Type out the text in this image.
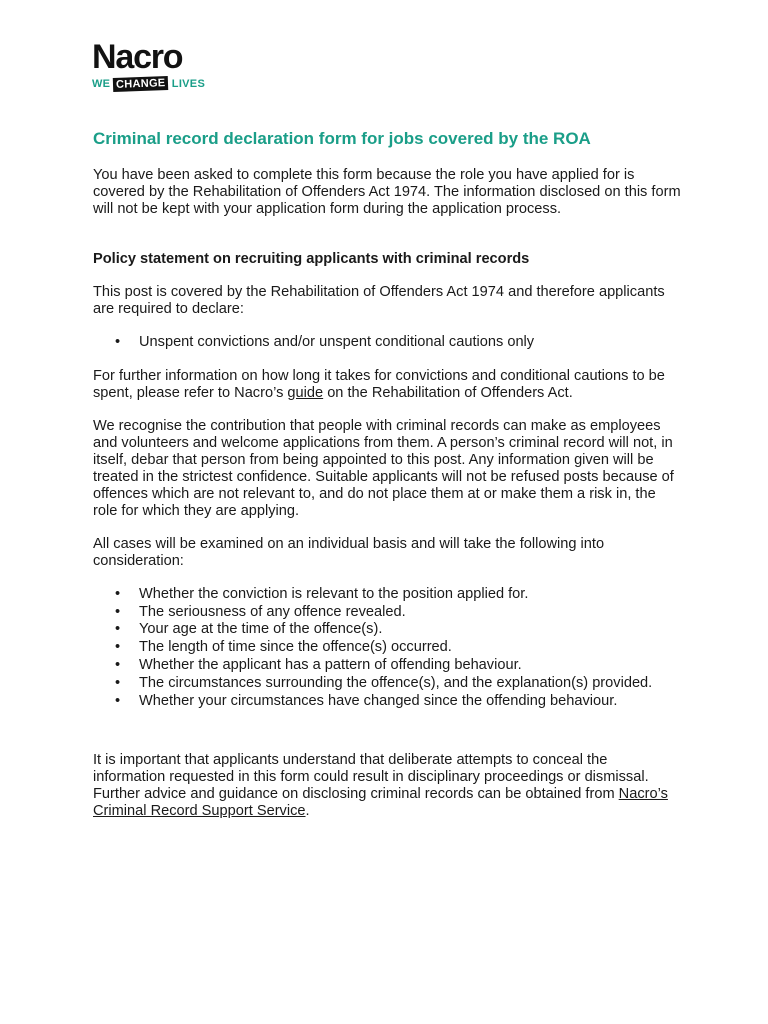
Nacro
WE CHANGE LIVES
Criminal record declaration form for jobs covered by the ROA

You have been asked to complete this form because the role you have applied for is covered by the Rehabilitation of Offenders Act 1974. The information disclosed on this form will not be kept with your application form during the application process.

Policy statement on recruiting applicants with criminal records

This post is covered by the Rehabilitation of Offenders Act 1974 and therefore applicants are required to declare:

• Unspent convictions and/or unspent conditional cautions only

For further information on how long it takes for convictions and conditional cautions to be spent, please refer to Nacro’s guide on the Rehabilitation of Offenders Act.

We recognise the contribution that people with criminal records can make as employees and volunteers and welcome applications from them. A person’s criminal record will not, in itself, debar that person from being appointed to this post. Any information given will be treated in the strictest confidence. Suitable applicants will not be refused posts because of offences which are not relevant to, and do not place them at or make them a risk in, the role for which they are applying.

All cases will be examined on an individual basis and will take the following into consideration:

• Whether the conviction is relevant to the position applied for.
• The seriousness of any offence revealed.
• Your age at the time of the offence(s).
• The length of time since the offence(s) occurred.
• Whether the applicant has a pattern of offending behaviour.
• The circumstances surrounding the offence(s), and the explanation(s) provided.
• Whether your circumstances have changed since the offending behaviour.

It is important that applicants understand that deliberate attempts to conceal the information requested in this form could result in disciplinary proceedings or dismissal. Further advice and guidance on disclosing criminal records can be obtained from Nacro’s Criminal Record Support Service.
